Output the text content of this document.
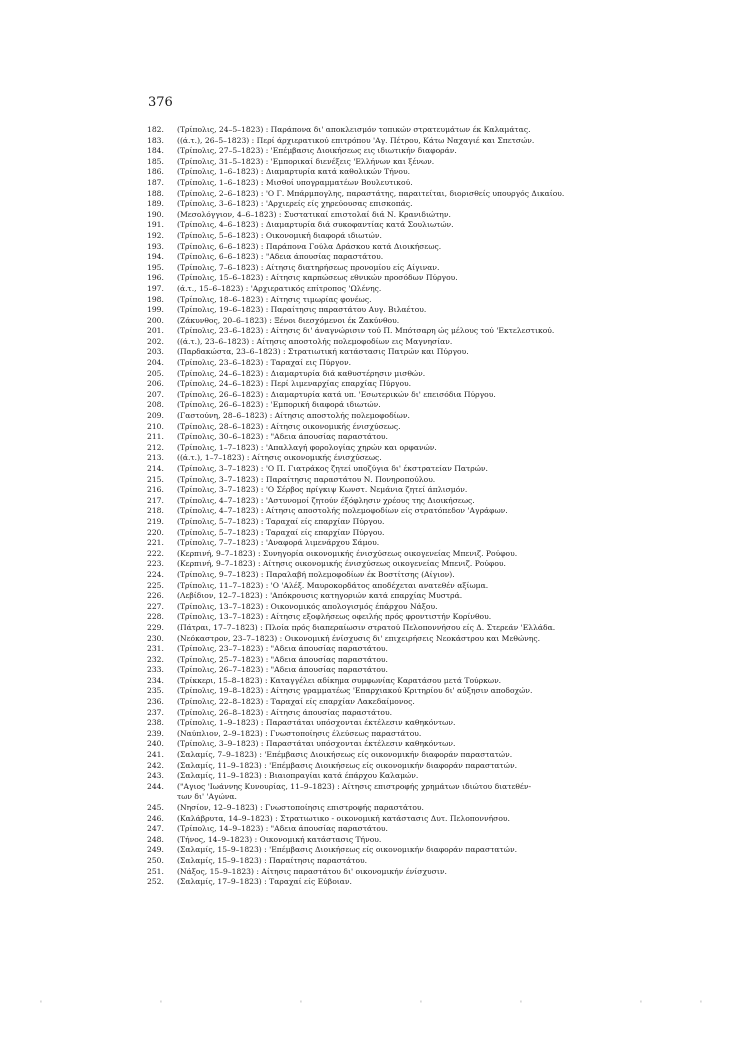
376
182.	(Τρίπολις, 24–5–1823) : Παράπονα δι' αποκλεισμόν τοπικών στρατευμάτων έκ Καλαμάτας.
183.	((ά.τ.), 26–5–1823) : Περί άρχιερατικού επιτρόπου 'Αγ. Πέτρου, Κάτω Ναχαγιέ και Σπετσών.
184.	(Τρίπολις, 27–5–1823) : 'Επέμβασις Διοικήσεως εις ιδιωτικήν διαφοράν.
185.	(Τρίπολις, 31–5–1823) : 'Εμπορικαί διενέξεις 'Ελλήνων και ξένων.
186.	(Τρίπολις, 1–6–1823) : Διαμαρτυρία κατά καθολικών Τήνου.
187.	(Τρίπολις, 1–6–1823) : Μισθοί υπογραμματέων Βουλευτικού.
188.	(Τρίπολις, 2–6–1823) : 'Ο Γ. Μπάρμπογλης, παραστάτης, παραιτείται, διορισθείς υπουργός Δικαίου.
189.	(Τρίπολις, 3–6–1823) : 'Αρχιερείς είς χηρεύουσας επισκοπάς.
190.	(Μεσολόγγιον, 4–6–1823) : Συστατικαί επιστολαί διά Ν. Κρανιδιώτην.
191.	(Τρίπολις, 4–6–1823) : Διαμαρτυρία διά συκοφαντίας κατά Σουλιωτών.
192.	(Τρίπολις, 5–6–1823) : Οικονομική διαφορά ιδιωτών.
193.	(Τρίπολις, 6–6–1823) : Παράπονα Γούλα Δράσκου κατά Διοικήσεως.
194.	(Τρίπολις, 6–6–1823) : "Αδεια άπουσίας παραστάτου.
195.	(Τρίπολις, 7–6–1823) : Αίτησις διατηρήσεως προνομίου είς Αίγιναν.
196.	(Τρίπολις, 15–6–1823) : Αίτησις καρπώσεως εθνικών προσόδων Πύργου.
197.	(ά.τ., 15–6–1823) : 'Αρχιερατικός επίτροπος 'Ωλένης.
198.	(Τρίπολις, 18–6–1823) : Αίτησις τιμωρίας φονέως.
199.	(Τρίπολις, 19–6–1823) : Παραίτησις παραστάτου Αυγ. Βιλαέτου.
200.	(Ζάκυνθος, 20–6–1823) : Ξένοι διεσχόμενοι έκ Ζακύνθου.
201.	(Τρίπολις, 23–6–1823) : Αίτησις δι' άναγνώρισιν τού Π. Μπότσαρη ώς μέλους τού 'Εκτελεστικού.
202.	((ά.τ.), 23–6–1823) : Αίτησις αποστολής πολεμοφοδίων εις Μαγνησίαν.
203.	(Παρδακώστα, 23–6–1823) : Στρατιωτική κατάστασις Πατρών και Πύργου.
204.	(Τρίπολις, 23–6–1823) : Ταραχαί εις Πύργον.
205.	(Τρίπολις, 24–6–1823) : Διαμαρτυρία διά καθυστέρησιν μισθών.
206.	(Τρίπολις, 24–6–1823) : Περί λιμεναρχίας επαρχίας Πύργου.
207.	(Τρίπολις, 26–6–1823) : Διαμαρτυρία κατά υπ. 'Εσωτερικών δι' επεισόδια Πύργου.
208.	(Τρίπολις, 26–6–1823) : 'Εμπορική διαφορά ιδιωτών.
209.	(Γαστούνη, 28–6–1823) : Αίτησις αποστολής πολεμοφοδίων.
210.	(Τρίπολις, 28–6–1823) : Αίτησις οικονομικής ένισχύσεως.
211.	(Τρίπολις, 30–6–1823) : "Αδεια άπουσίας παραστάτου.
212.	(Τρίπολις, 1–7–1823) : 'Απαλλαγή φορολογίας χηρών και ορφανών.
213.	((ά.τ.), 1–7–1823) : Αίτησις οικονομικής ένισχύσεως.
214.	(Τρίπολις, 3–7–1823) : 'Ο Π. Γιατράκος ζητεί υποζύγια δι' έκστρατείαν Πατρών.
215.	(Τρίπολις, 3–7–1823) : Παραίτησις παραστάτου Ν. Πονηροπούλου.
216.	(Τρίπολις, 3–7–1823) : 'Ο Σέρβος πρίγκιψ Κωνστ. Νεμάνια ζητεί άπλισμόν.
217.	(Τρίπολις, 4–7–1823) : 'Αστυνομοί ζητούν έξόφλησιν χρέους της Διοικήσεως.
218.	(Τρίπολις, 4–7–1823) : Αίτησις αποστολής πολεμοφοδίων είς στρατόπεδον 'Αγράφων.
219.	(Τρίπολις, 5–7–1823) : Ταραχαί είς επαρχίαν Πύργου.
220.	(Τρίπολις, 5–7–1823) : Ταραχαί είς επαρχίαν Πύργου.
221.	(Τρίπολις, 7–7–1823) : 'Αναφορά λιμενάρχου Σάμου.
222.	(Κερπινή, 9–7–1823) : Συνηγορία οικονομικής ένισχύσεως οικογενείας Μπενιζ. Ρούφου.
223.	(Κερπινή, 9–7–1823) : Αίτησις οικονομικής ένισχύσεως οικογενείας Μπενιζ. Ρούφου.
224.	(Τρίπολις, 9–7–1823) : Παραλαβή πολεμοφοδίων έκ Βοστίτσης (Αίγιον).
225.	(Τρίπολις, 11–7–1823) : 'Ο 'Αλέξ. Μαυροκορδάτος αποδέχεται ανατεθέν αξίωμα.
226.	(Λεβίδιον, 12–7–1823) : 'Απόκρουσις κατηγοριών κατά επαρχίας Μυστρά.
227.	(Τρίπολις, 13–7–1823) : Οικονομικός απολογισμός έπάρχου Νάξου.
228.	(Τρίπολις, 13–7–1823) : Αίτησις εξοφλήσεως οφειλής πρός φροντιστήν Κορίνθου.
229.	(Πάτραι, 17–7–1823) : Πλοία πρός διαπεραίωσιν στρατού Πελοποννήσου είς Δ. Στερεάν 'Ελλάδα.
230.	(Νεόκαστρον, 23–7–1823) : Οικονομική ένίσχυσις δι' επιχειρήσεις Νεοκάστρου και Μεθώνης.
231.	(Τρίπολις, 23–7–1823) : "Αδεια άπουσίας παραστάτου.
232.	(Τρίπολις, 25–7–1823) : "Αδεια άπουσίας παραστάτου.
233.	(Τρίπολις, 26–7–1823) : "Αδεια άπουσίας παραστάτου.
234.	(Τρίκκερι, 15–8–1823) : Καταγγέλει αδίκημα συμφωνίας Καρατάσου μετά Τούρκων.
235.	(Τρίπολις, 19–8–1823) : Αίτησις γραμματέως 'Επαρχιακού Κριτηρίου δι' αύξησιν αποδοχών.
236.	(Τρίπολις, 22–8–1823) : Ταραχαί είς επαρχίαν Λακεδαίμονος.
237.	(Τρίπολις, 26–8–1823) : Αίτησις άπουσίας παραστάτου.
238.	(Τρίπολις, 1–9–1823) : Παραστάται υπόσχονται έκτέλεσιν καθηκόντων.
239.	(Ναύπλιον, 2–9–1823) : Γνωστοποίησις έλεύσεως παραστάτου.
240.	(Τρίπολις, 3–9–1823) : Παραστάται υπόσχονται έκτέλεσιν καθηκόντων.
241.	(Σαλαμίς, 7–9–1823) : 'Επέμβασις Διοικήσεως είς οικονομικήν διαφοράν παραστατών.
242.	(Σαλαμίς, 11–9–1823) : 'Επέμβασις Διοικήσεως είς οικονομικήν διαφοράν παραστατών.
243.	(Σαλαμίς, 11–9–1823) : Βιαιοπραγίαι κατά έπάρχου Καλαμών.
244.	("Αγιος 'Ιωάννης Κυνουρίας, 11–9–1823) : Αίτησις επιστροφής χρημάτων ιδιώτου διατεθέν-
των δι' 'Αγώνα.
245.	(Νησίον, 12–9–1823) : Γνωστοποίησις επιστροφής παραστάτου.
246.	(Καλάβρυτα, 14–9–1823) : Στρατιωτικο - οικονομική κατάστασις Δυτ. Πελοποννήσου.
247.	(Τρίπολις, 14–9–1823) : "Αδεια άπουσίας παραστάτου.
248.	(Τήνος, 14–9–1823) : Οικονομική κατάστασις Τήνου.
249.	(Σαλαμίς, 15–9–1823) : 'Επέμβασις Διοικήσεως είς οικονομικήν διαφοράν παραστατών.
250.	(Σαλαμίς, 15–9–1823) : Παραίτησις παραστάτου.
251.	(Νάξος, 15–9–1823) : Αίτησις παραστάτου δι' οικονομικήν ένίσχυσιν.
252.	(Σαλαμίς, 17–9–1823) : Ταραχαί είς Εύβοιαν.
'	'	'	'	'	'	'
